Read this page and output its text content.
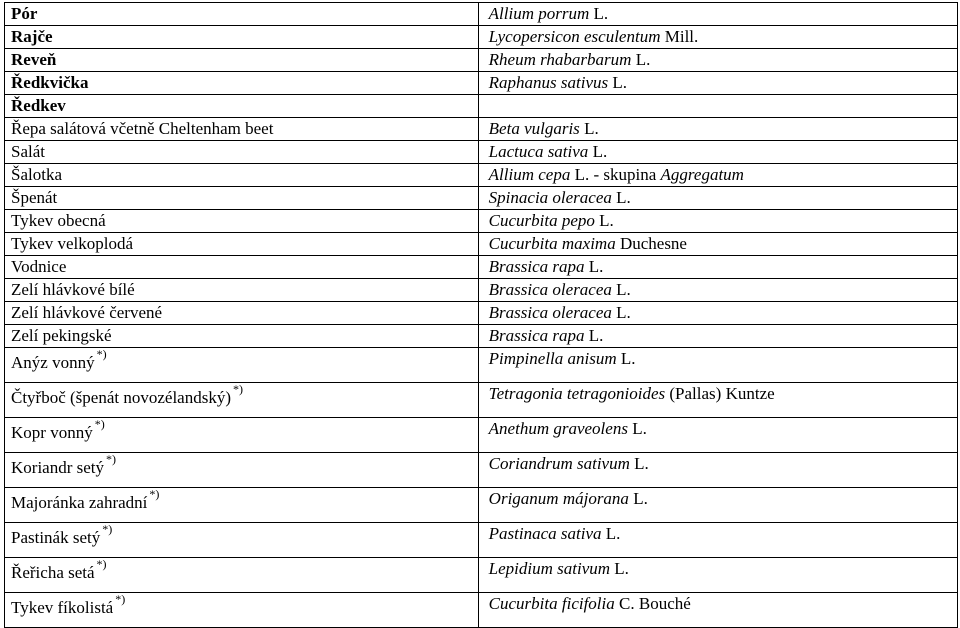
Pór	Allium porrum L.
Rajče	Lycopersicon esculentum Mill.
Reveň	Rheum rhabarbarum L.
Ředkvička	Raphanus sativus L.
Ředkev	
Řepa salátová včetně Cheltenham beet	Beta vulgaris L.
Salát	Lactuca sativa L.
Šalotka	Allium cepa L. - skupina Aggregatum
Špenát	Spinacia oleracea L.
Tykev obecná	Cucurbita pepo L.
Tykev velkoplodá	Cucurbita maxima Duchesne
Vodnice	Brassica rapa L.
Zelí hlávkové bílé	Brassica oleracea L.
Zelí hlávkové červené	Brassica oleracea L.
Zelí pekingské	Brassica rapa L.
Anýz vonný *)	Pimpinella anisum L.
Čtyřboč (špenát novozélandský) *)	Tetragonia tetragonioides (Pallas) Kuntze
Kopr vonný *)	Anethum graveolens L.
Koriandr setý *)	Coriandrum sativum L.
Majoránka zahradní *)	Origanum májorana L.
Pastinák setý *)	Pastinaca sativa L.
Řeřicha setá *)	Lepidium sativum L.
Tykev fíkolistá *)	Cucurbita ficifolia C. Bouché
